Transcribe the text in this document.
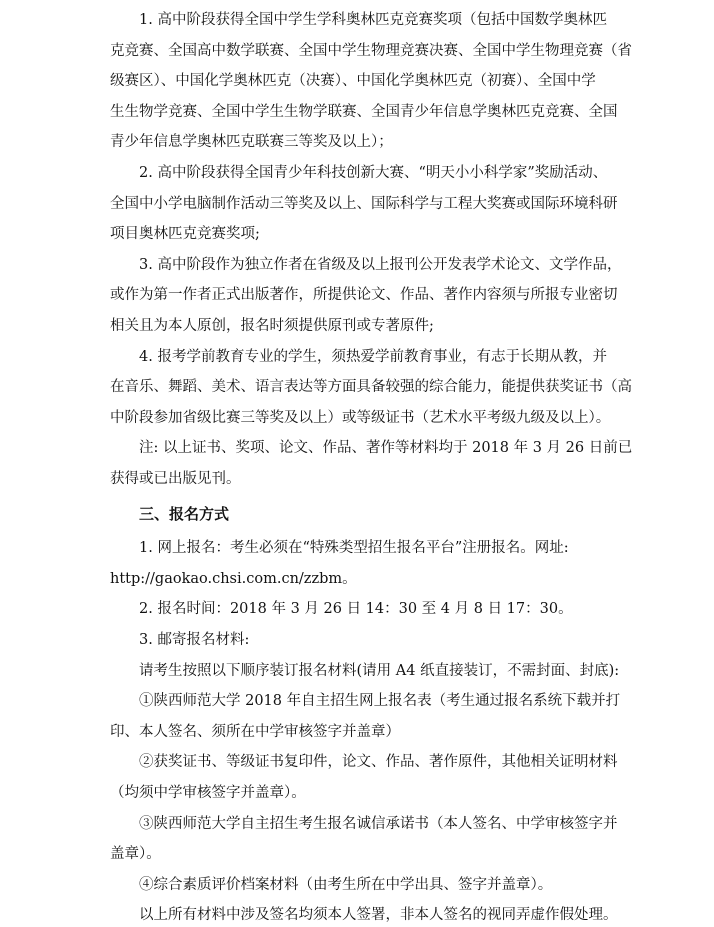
1. 高中阶段获得全国中学生学科奥林匹克竞赛奖项（包括中国数学奥林匹
克竞赛、全国高中数学联赛、全国中学生物理竞赛决赛、全国中学生物理竞赛（省
级赛区）、中国化学奥林匹克（决赛）、中国化学奥林匹克（初赛）、全国中学
生生物学竞赛、全国中学生生物学联赛、全国青少年信息学奥林匹克竞赛、全国
青少年信息学奥林匹克联赛三等奖及以上）；
2. 高中阶段获得全国青少年科技创新大赛、“明天小小科学家”奖励活动、
全国中小学电脑制作活动三等奖及以上、国际科学与工程大奖赛或国际环境科研
项目奥林匹克竞赛奖项;
3. 高中阶段作为独立作者在省级及以上报刊公开发表学术论文、文学作品，
或作为第一作者正式出版著作，所提供论文、作品、著作内容须与所报专业密切
相关且为本人原创，报名时须提供原刊或专著原件;
4. 报考学前教育专业的学生，须热爱学前教育事业，有志于长期从教，并
在音乐、舞蹈、美术、语言表达等方面具备较强的综合能力，能提供获奖证书（高
中阶段参加省级比赛三等奖及以上）或等级证书（艺术水平考级九级及以上）。
注: 以上证书、奖项、论文、作品、著作等材料均于 2018 年 3 月 26 日前已
获得或已出版见刊。
三、报名方式
1. 网上报名：考生必须在“特殊类型招生报名平台”注册报名。网址:
http://gaokao.chsi.com.cn/zzbm。
2. 报名时间：2018 年 3 月 26 日 14：30 至 4 月 8 日 17：30。
3. 邮寄报名材料:
请考生按照以下顺序装订报名材料(请用 A4 纸直接装订，不需封面、封底):
①陕西师范大学 2018 年自主招生网上报名表（考生通过报名系统下载并打
印、本人签名、须所在中学审核签字并盖章）
②获奖证书、等级证书复印件，论文、作品、著作原件，其他相关证明材料
（均须中学审核签字并盖章）。
③陕西师范大学自主招生考生报名诚信承诺书（本人签名、中学审核签字并
盖章）。
④综合素质评价档案材料（由考生所在中学出具、签字并盖章）。
以上所有材料中涉及签名均须本人签署，非本人签名的视同弄虚作假处理。
